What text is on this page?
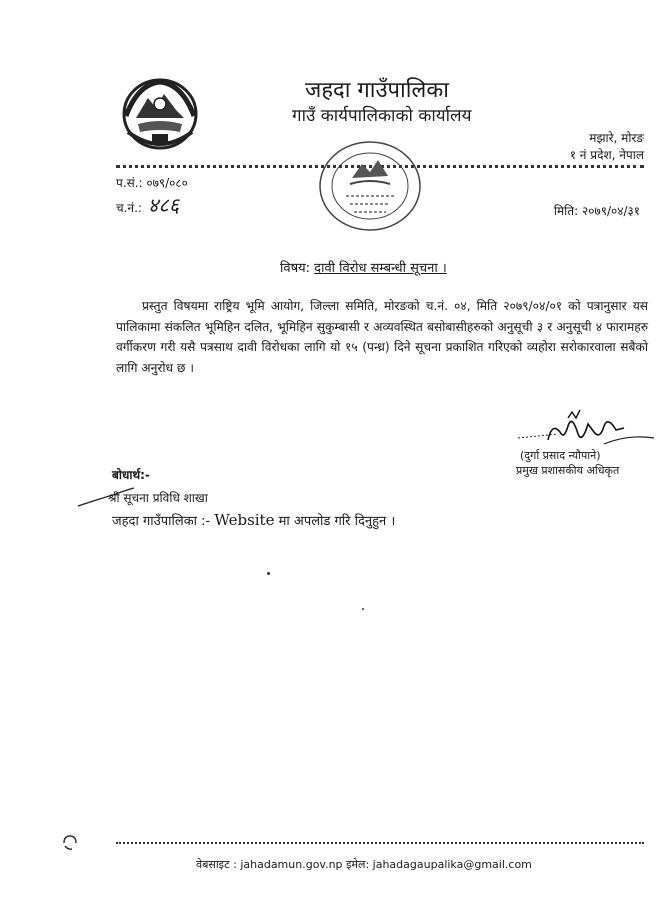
जहदा गाउँपालिका
गाउँ कार्यपालिकाको कार्यालय
मझारे, मोरङ
१ नं प्रदेश, नेपाल
प.सं.: ०७९/०८०
च.नं.: ४८६	मिति: २०७९/०४/३१
विषय: दावी विरोध सम्बन्धी सूचना ।

प्रस्तुत विषयमा राष्ट्रिय भूमि आयोग, जिल्ला समिति, मोरङको च.नं. ०४, मिति २०७९/०४/०१ को पत्रानुसार यस पालिकामा संकलित भूमिहिन दलित, भूमिहिन सुकुम्बासी र अव्यवस्थित बसोबासीहरुको अनुसूची ३ र अनुसूची ४ फारामहरु वर्गीकरण गरी यसै पत्रसाथ दावी विरोधका लागि यो १५ (पन्ध्र) दिने सूचना प्रकाशित गरिएको व्यहोरा सरोकारवाला सबैको लागि अनुरोध छ ।

(दुर्गा प्रसाद न्यौपाने)
प्रमुख प्रशासकीय अधिकृत
बोधार्थ:-
श्री सूचना प्रविधि शाखा
जहदा गाउँपालिका :- Website मा अपलोड गरि दिनुहुन ।
वेबसाइट : jahadamun.gov.np इमेल: jahadagaupalika@gmail.com
